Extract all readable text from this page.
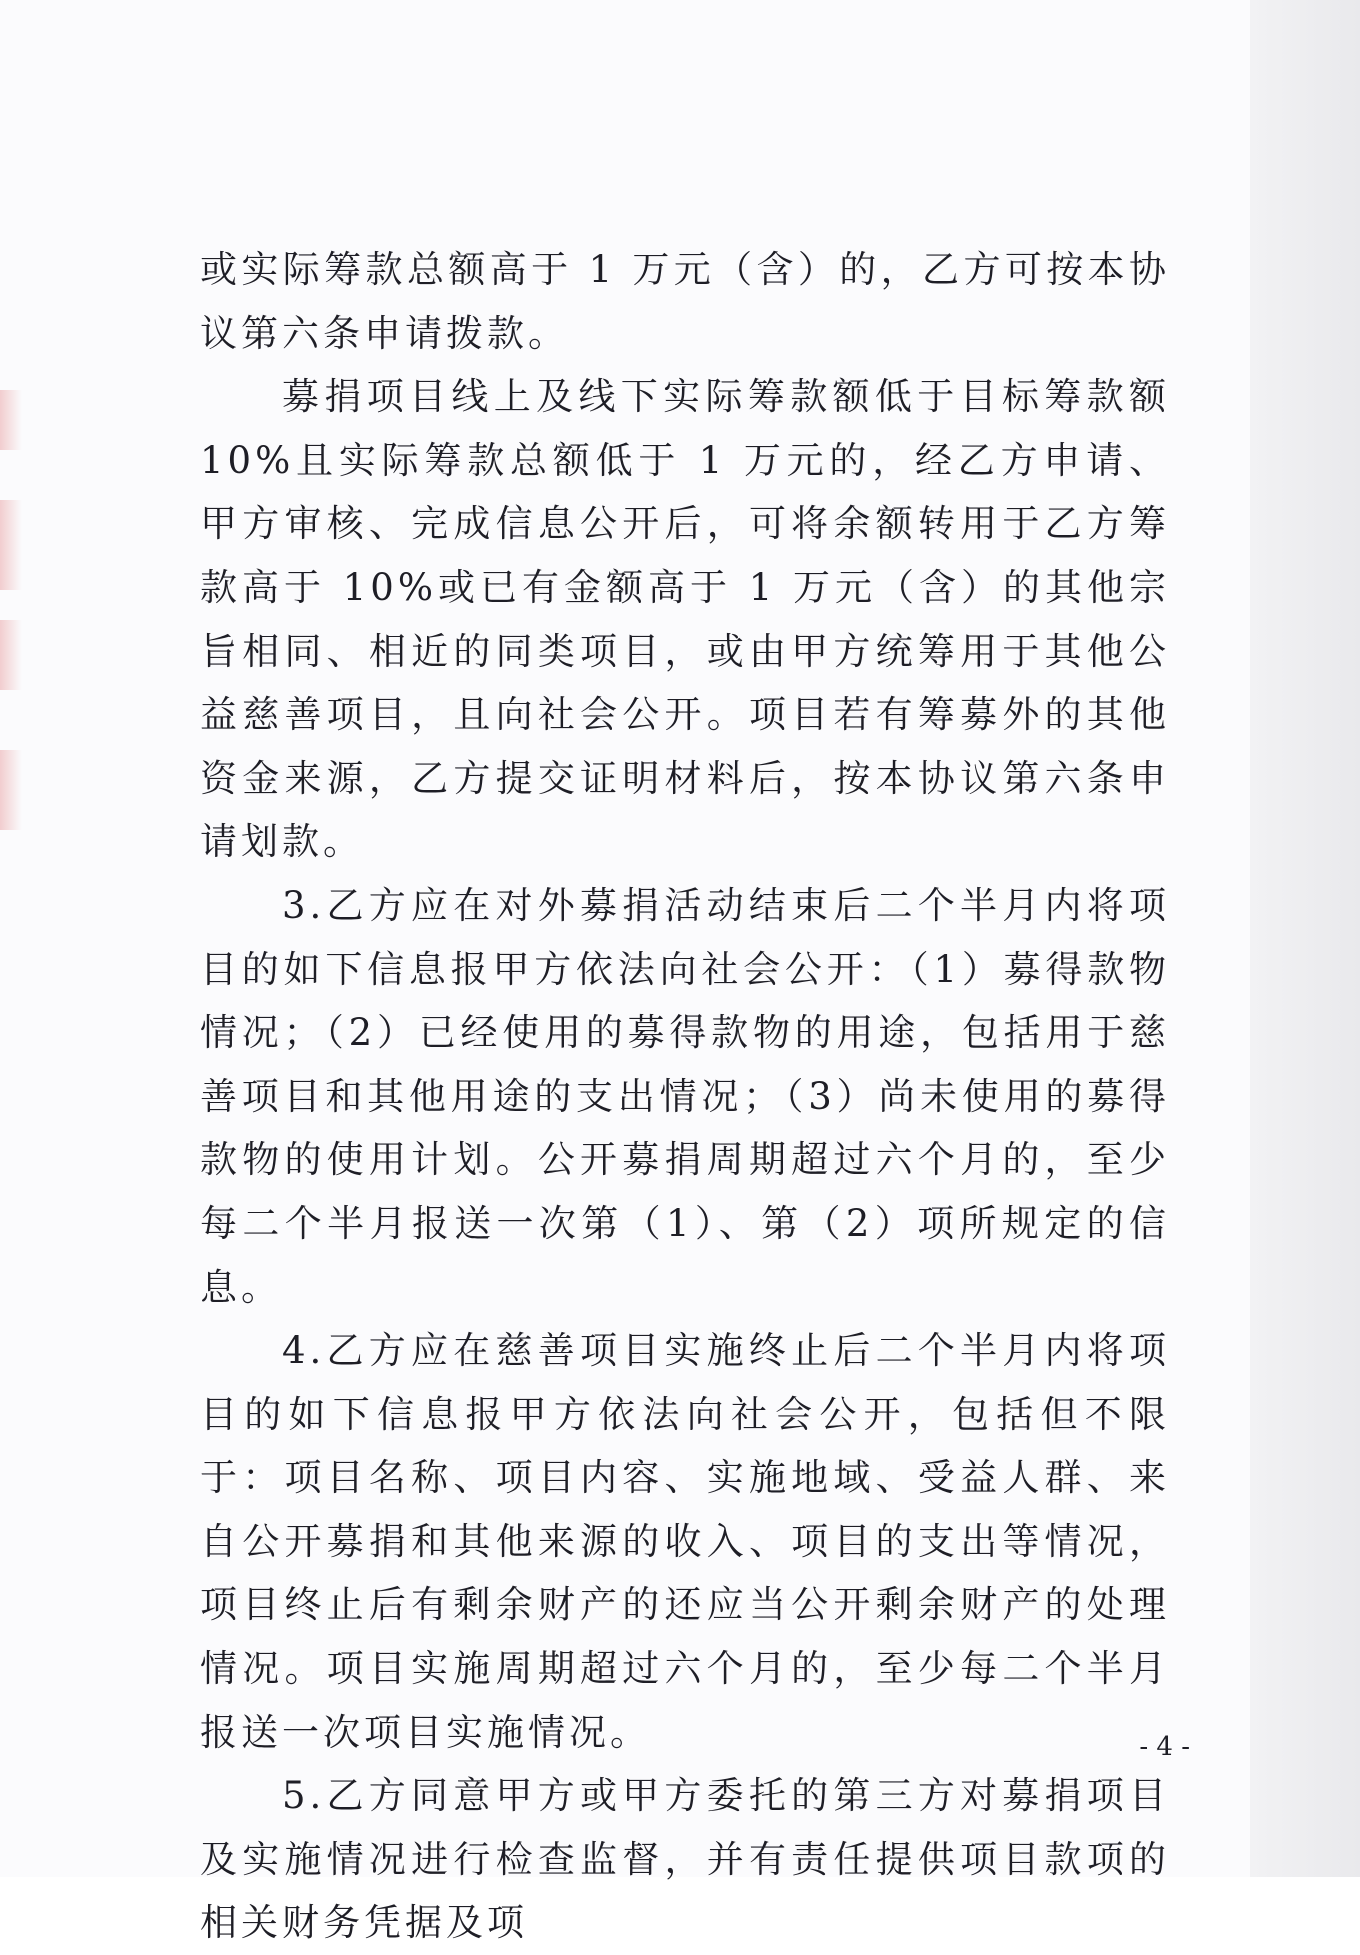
或实际筹款总额高于 1 万元（含）的，乙方可按本协议第六条申请拨款。

募捐项目线上及线下实际筹款额低于目标筹款额 10%且实际筹款总额低于 1 万元的，经乙方申请、甲方审核、完成信息公开后，可将余额转用于乙方筹款高于 10%或已有金额高于 1 万元（含）的其他宗旨相同、相近的同类项目，或由甲方统筹用于其他公益慈善项目，且向社会公开。项目若有筹募外的其他资金来源，乙方提交证明材料后，按本协议第六条申请划款。

3.乙方应在对外募捐活动结束后二个半月内将项目的如下信息报甲方依法向社会公开：（1）募得款物情况；（2）已经使用的募得款物的用途，包括用于慈善项目和其他用途的支出情况；（3）尚未使用的募得款物的使用计划。公开募捐周期超过六个月的，至少每二个半月报送一次第（1）、第（2）项所规定的信息。

4.乙方应在慈善项目实施终止后二个半月内将项目的如下信息报甲方依法向社会公开，包括但不限于：项目名称、项目内容、实施地域、受益人群、来自公开募捐和其他来源的收入、项目的支出等情况，项目终止后有剩余财产的还应当公开剩余财产的处理情况。项目实施周期超过六个月的，至少每二个半月报送一次项目实施情况。

5.乙方同意甲方或甲方委托的第三方对募捐项目及实施情况进行检查监督，并有责任提供项目款项的相关财务凭据及项

- 4 -
